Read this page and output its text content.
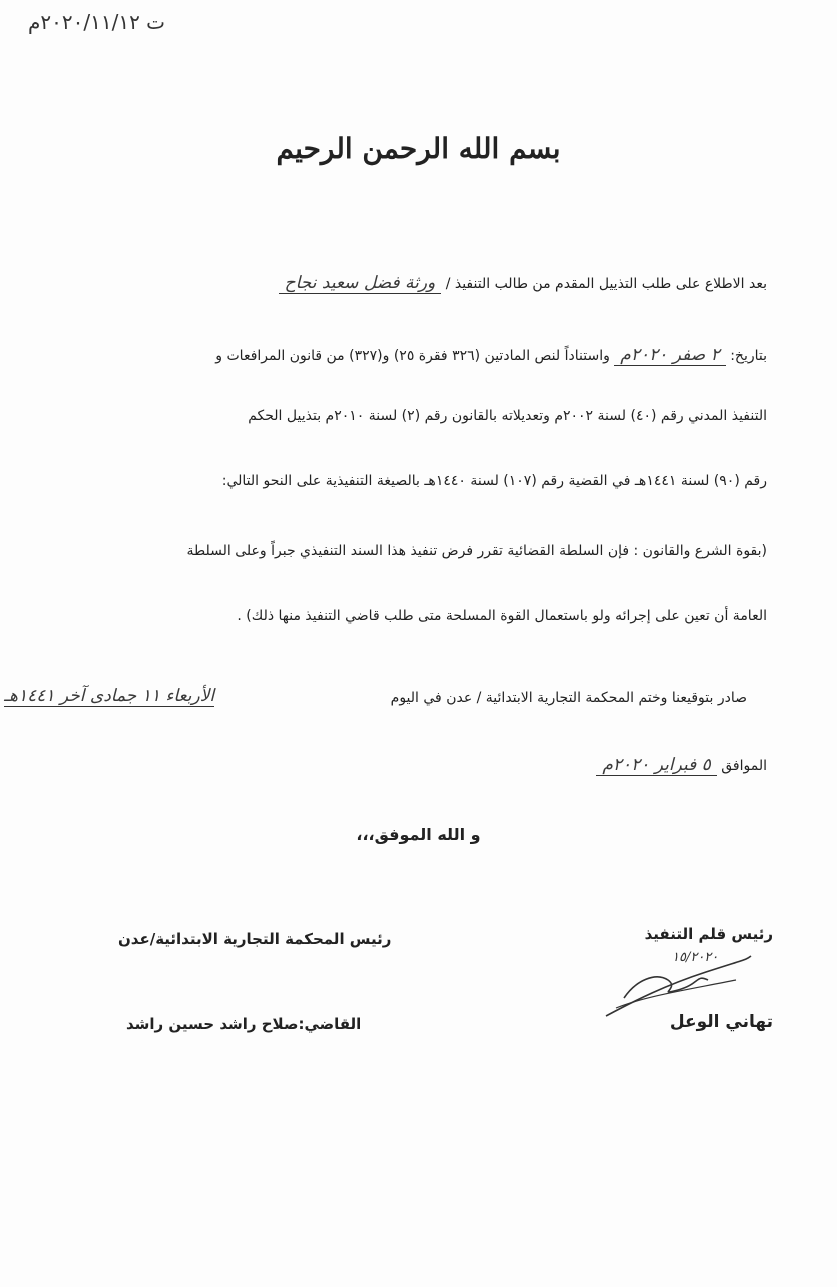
ت ٢٠٢٠/١١/١٢م
بسم الله الرحمن الرحيم
بعد الاطلاع على طلب التذييل المقدم من طالب التنفيذ / ورثة فضل سعيد نجاح
بتاريخ: ٢ صفر ٢٠٢٠م واستناداً لنص المادتين (٣٢٦ فقرة ٢٥) و(٣٢٧) من قانون المرافعات و
التنفيذ المدني رقم (٤٠) لسنة ٢٠٠٢م وتعديلاته بالقانون رقم (٢) لسنة ٢٠١٠م بتذييل الحكم
رقم (٩٠) لسنة ١٤٤١هـ في القضية رقم (١٠٧) لسنة ١٤٤٠هـ بالصيغة التنفيذية على النحو التالي:
(بقوة الشرع والقانون : فإن السلطة القضائية تقرر فرض تنفيذ هذا السند التنفيذي جبراً وعلى السلطة
العامة أن تعين على إجرائه ولو باستعمال القوة المسلحة متى طلب قاضي التنفيذ منها ذلك) .
صادر بتوقيعنا وختم المحكمة التجارية الابتدائية / عدن في اليوم
الأربعاء ١١ جمادى آخر ١٤٤١هـ
الموافق ٥ فبراير ٢٠٢٠م
و الله الموفق،،،
رئيس المحكمة التجارية الابتدائية/عدن
القاضي:صلاح راشد حسين راشد
رئيس قلم التنفيذ
١٥/٢٠٢٠
تهاني الوعل
